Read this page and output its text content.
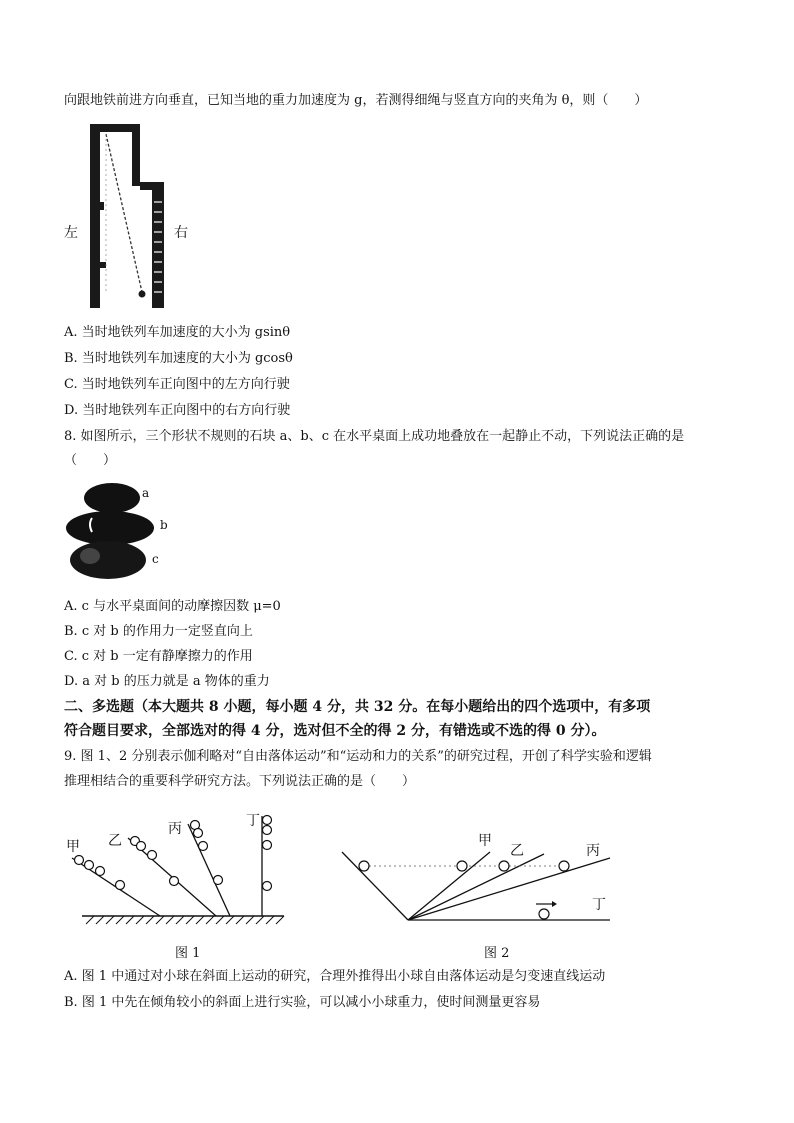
向跟地铁前进方向垂直，已知当地的重力加速度为 g，若测得细绳与竖直方向的夹角为 θ，则（　　）
左	右
A. 当时地铁列车加速度的大小为 gsinθ
B. 当时地铁列车加速度的大小为 gcosθ
C. 当时地铁列车正向图中的左方向行驶
D. 当时地铁列车正向图中的右方向行驶
8. 如图所示，三个形状不规则的石块 a、b、c 在水平桌面上成功地叠放在一起静止不动，下列说法正确的是
（　　）
a
b
c
A. c 与水平桌面间的动摩擦因数 μ=0
B. c 对 b 的作用力一定竖直向上
C. c 对 b 一定有静摩擦力的作用
D. a 对 b 的压力就是 a 物体的重力
二、多选题（本大题共 8 小题，每小题 4 分，共 32 分。在每小题给出的四个选项中，有多项
符合题目要求，全部选对的得 4 分，选对但不全的得 2 分，有错选或不选的得 0 分）。
9. 图 1、2 分别表示伽利略对“自由落体运动”和“运动和力的关系”的研究过程，开创了科学实验和逻辑
推理相结合的重要科学研究方法。下列说法正确的是（　　）
甲 乙
丙	丁
图 1
甲
乙	丙
丁
图 2
A. 图 1 中通过对小球在斜面上运动的研究，合理外推得出小球自由落体运动是匀变速直线运动
B. 图 1 中先在倾角较小的斜面上进行实验，可以减小小球重力，使时间测量更容易
